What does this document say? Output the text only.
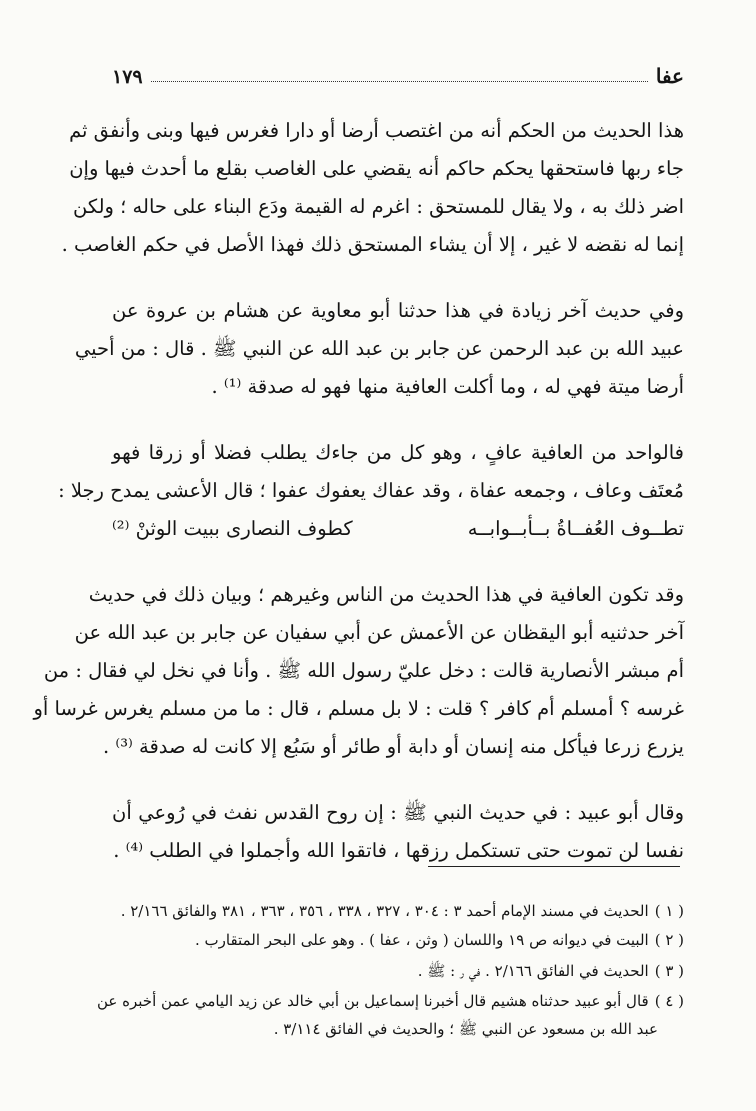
١٧٩	عفا
هذا الحديث من الحكم أنه من اغتصب أرضا أو دارا فغرس فيها وبنى وأنفق ثم
جاء ربها فاستحقها يحكم حاكم أنه يقضي على الغاصب بقلع ما أحدث فيها وإن
اضر ذلك به ، ولا يقال للمستحق : اغرم له القيمة ودَع البناء على حاله ؛ ولكن
إنما له نقضه لا غير ، إلا أن يشاء المستحق ذلك فهذا الأصل في حكم الغاصب .
وفي حديث آخر زيادة في هذا حدثنا أبو معاوية عن هشام بن عروة عن
عبيد الله بن عبد الرحمن عن جابر بن عبد الله عن النبي ﷺ . قال : من أحيي
أرضا ميتة فهي له ، وما أكلت العافية منها فهو له صدقة ⁽¹⁾ .
فالواحد من العافية عافٍ ، وهو كل من جاءك يطلب فضلا أو زرقا فهو
مُعتَف وعاف ، وجمعه عفاة ، وقد عفاك يعفوك عفوا ؛ قال الأعشى يمدح رجلا :
تطــوف العُفــاةُ بــأبــوابــه
كطوف النصارى ببيت الوثنْ ⁽²⁾
وقد تكون العافية في هذا الحديث من الناس وغيرهم ؛ وبيان ذلك في حديث
آخر حدثنيه أبو اليقظان عن الأعمش عن أبي سفيان عن جابر بن عبد الله عن
أم مبشر الأنصارية قالت : دخل عليّ رسول الله ﷺ . وأنا في نخل لي فقال : من
غرسه ؟ أمسلم أم كافر ؟ قلت : لا بل مسلم ، قال : ما من مسلم يغرس غرسا أو
يزرع زرعا فيأكل منه إنسان أو دابة أو طائر أو سَبُع إلا كانت له صدقة ⁽³⁾ .
وقال أبو عبيد : في حديث النبي ﷺ : إن روح القدس نفث في رُوعي أن
نفسا لن تموت حتى تستكمل رزقها ، فاتقوا الله وأجملوا في الطلب ⁽⁴⁾ .
( ١ )الحديث في مسند الإمام أحمد ٣ : ٣٠٤ ، ٣٢٧ ، ٣٣٨ ، ٣٥٦ ، ٣٦٣ ، ٣٨١ والفائق ٢/١٦٦ .
( ٢ )البيت في ديوانه ص ١٩ واللسان ( وثن ، عفا ) . وهو على البحر المتقارب .
( ٣ )الحديث في الفائق ٢/١٦٦ . في ر : ﷺ .
( ٤ )قال أبو عبيد حدثناه هشيم قال أخبرنا إسماعيل بن أبي خالد عن زيد اليامي عمن أخبره عن
عبد الله بن مسعود عن النبي ﷺ ؛ والحديث في الفائق ٣/١١٤ .
